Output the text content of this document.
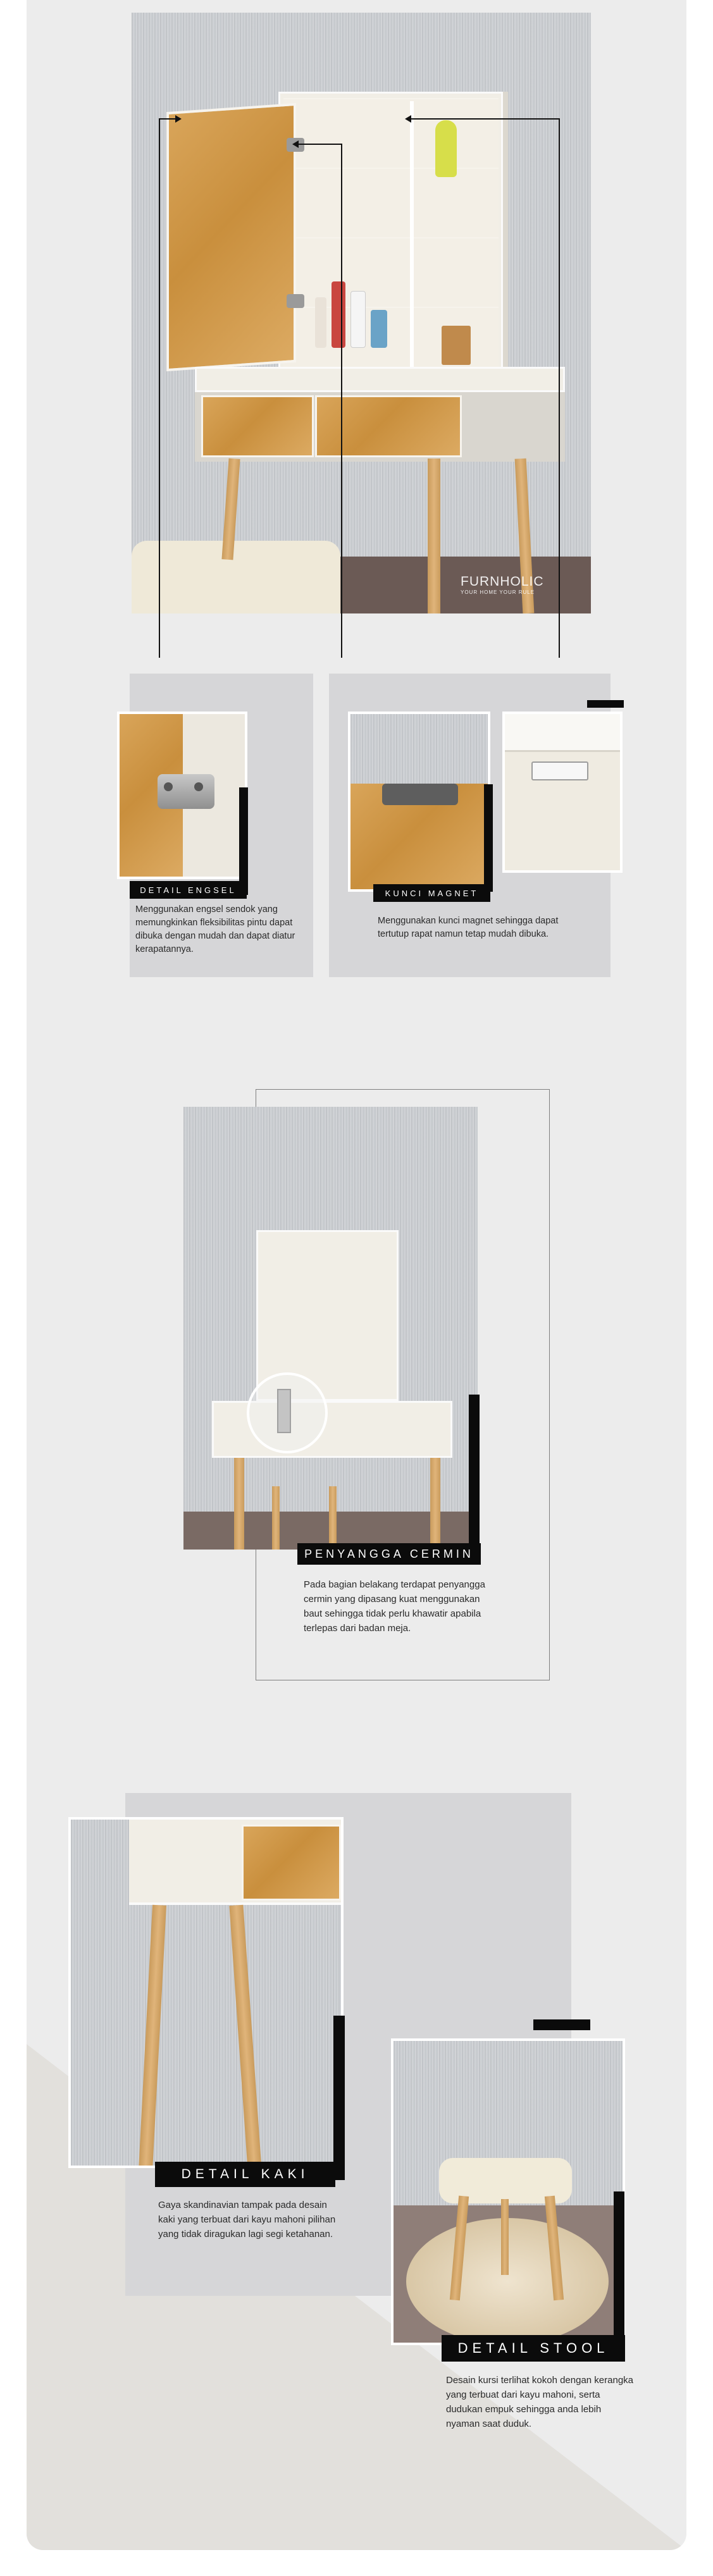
FURNHOLIC
YOUR HOME YOUR RULE
DETAIL ENGSEL
Menggunakan engsel sendok yang memungkinkan fleksibilitas pintu dapat dibuka dengan mudah dan dapat diatur kerapatannya.
KUNCI MAGNET
Menggunakan kunci magnet sehingga dapat tertutup rapat namun tetap mudah dibuka.
PENYANGGA CERMIN
Pada bagian belakang terdapat penyangga cermin yang dipasang kuat menggunakan baut sehingga tidak perlu khawatir apabila terlepas dari badan meja.
DETAIL KAKI
Gaya skandinavian tampak pada desain kaki yang terbuat dari kayu mahoni pilihan yang tidak diragukan lagi segi ketahanan.
DETAIL STOOL
Desain kursi terlihat kokoh dengan kerangka yang terbuat dari kayu mahoni, serta dudukan empuk sehingga anda lebih nyaman saat duduk.
